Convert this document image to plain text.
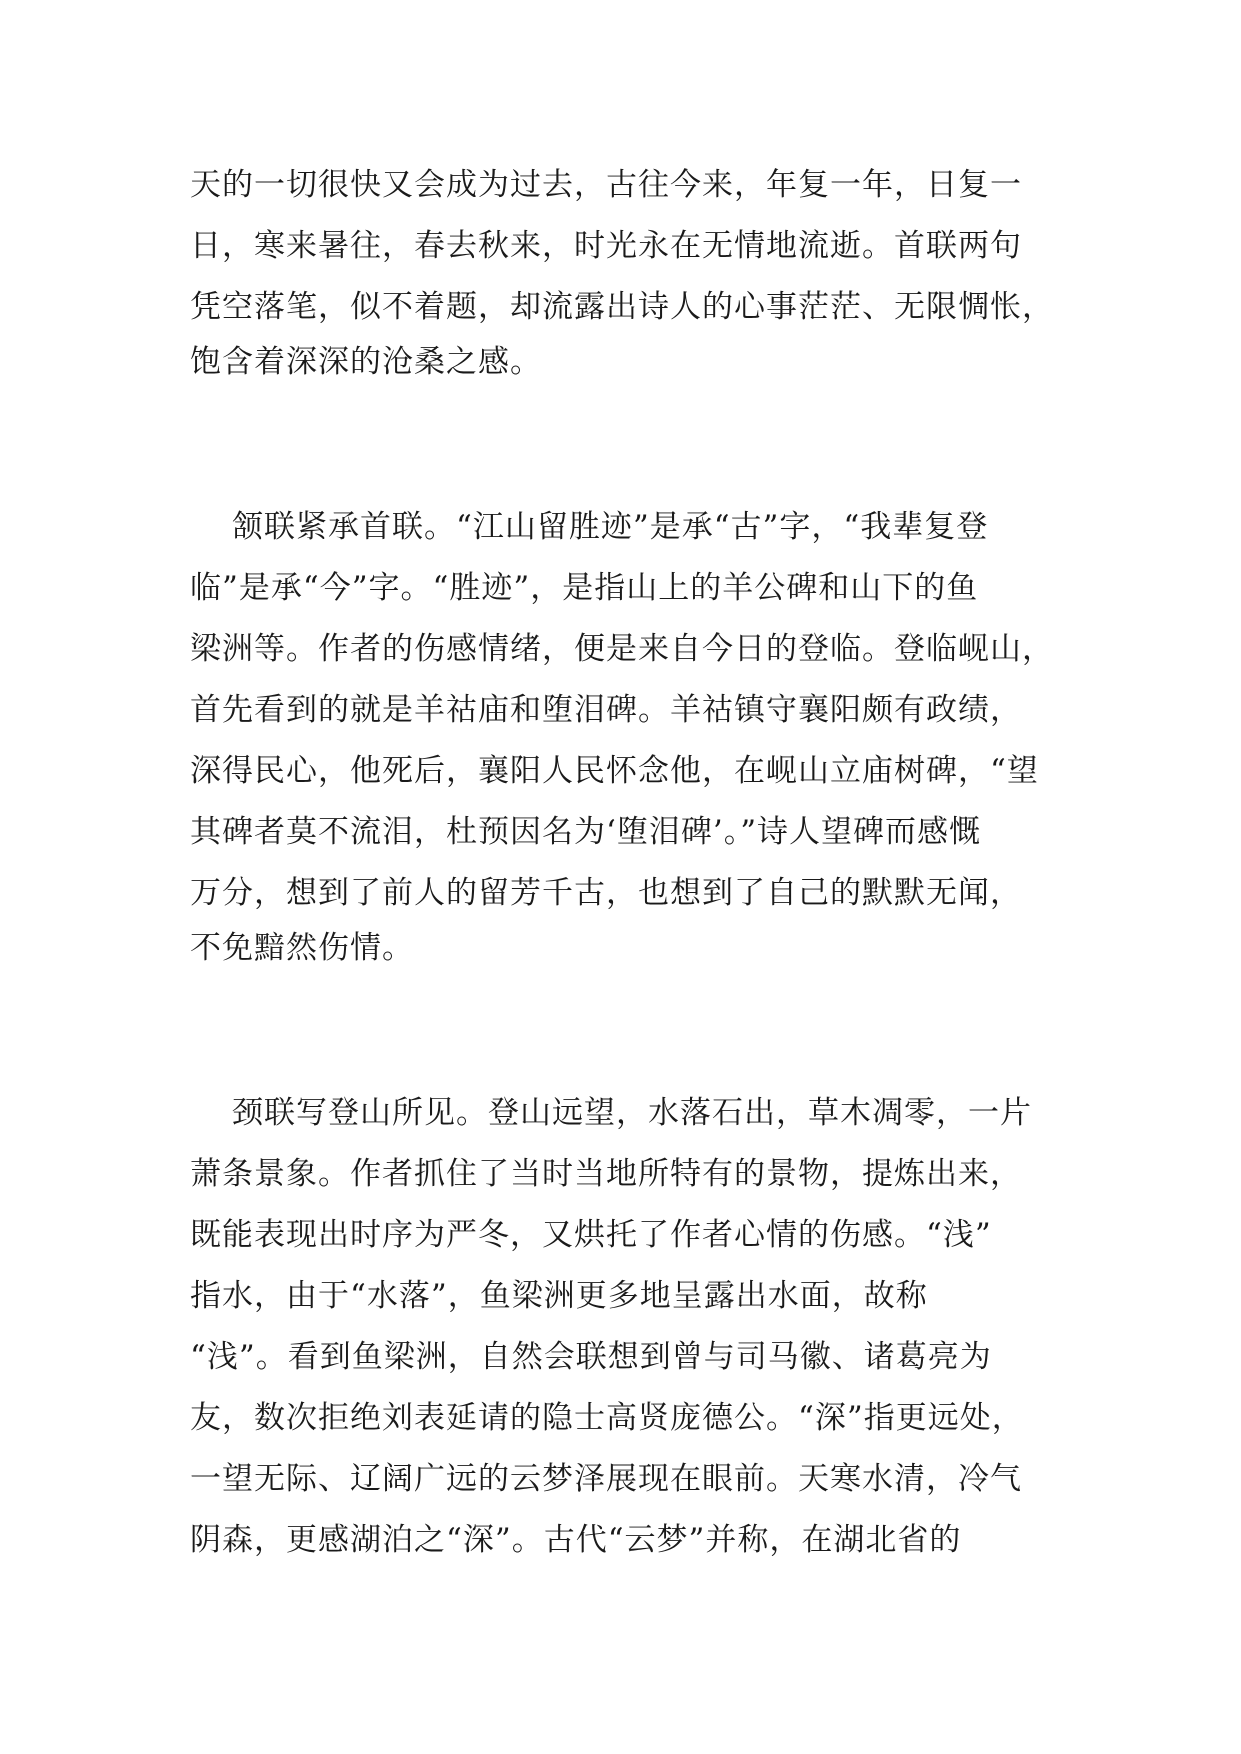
天的一切很快又会成为过去，古往今来，年复一年，日复一
日，寒来暑往，春去秋来，时光永在无情地流逝。首联两句
凭空落笔，似不着题，却流露出诗人的心事茫茫、无限惆怅，
饱含着深深的沧桑之感。
颔联紧承首联。“江山留胜迹”是承“古”字，“我辈复登
临”是承“今”字。“胜迹”，是指山上的羊公碑和山下的鱼
梁洲等。作者的伤感情绪，便是来自今日的登临。登临岘山，
首先看到的就是羊祜庙和堕泪碑。羊祜镇守襄阳颇有政绩，
深得民心，他死后，襄阳人民怀念他，在岘山立庙树碑，“望
其碑者莫不流泪，杜预因名为‘堕泪碑’。”诗人望碑而感慨
万分，想到了前人的留芳千古，也想到了自己的默默无闻，
不免黯然伤情。
颈联写登山所见。登山远望，水落石出，草木凋零，一片
萧条景象。作者抓住了当时当地所特有的景物，提炼出来，
既能表现出时序为严冬，又烘托了作者心情的伤感。“浅”
指水，由于“水落”，鱼梁洲更多地呈露出水面，故称
“浅”。看到鱼梁洲，自然会联想到曾与司马徽、诸葛亮为
友，数次拒绝刘表延请的隐士高贤庞德公。“深”指更远处，
一望无际、辽阔广远的云梦泽展现在眼前。天寒水清，冷气
阴森，更感湖泊之“深”。古代“云梦”并称，在湖北省的
